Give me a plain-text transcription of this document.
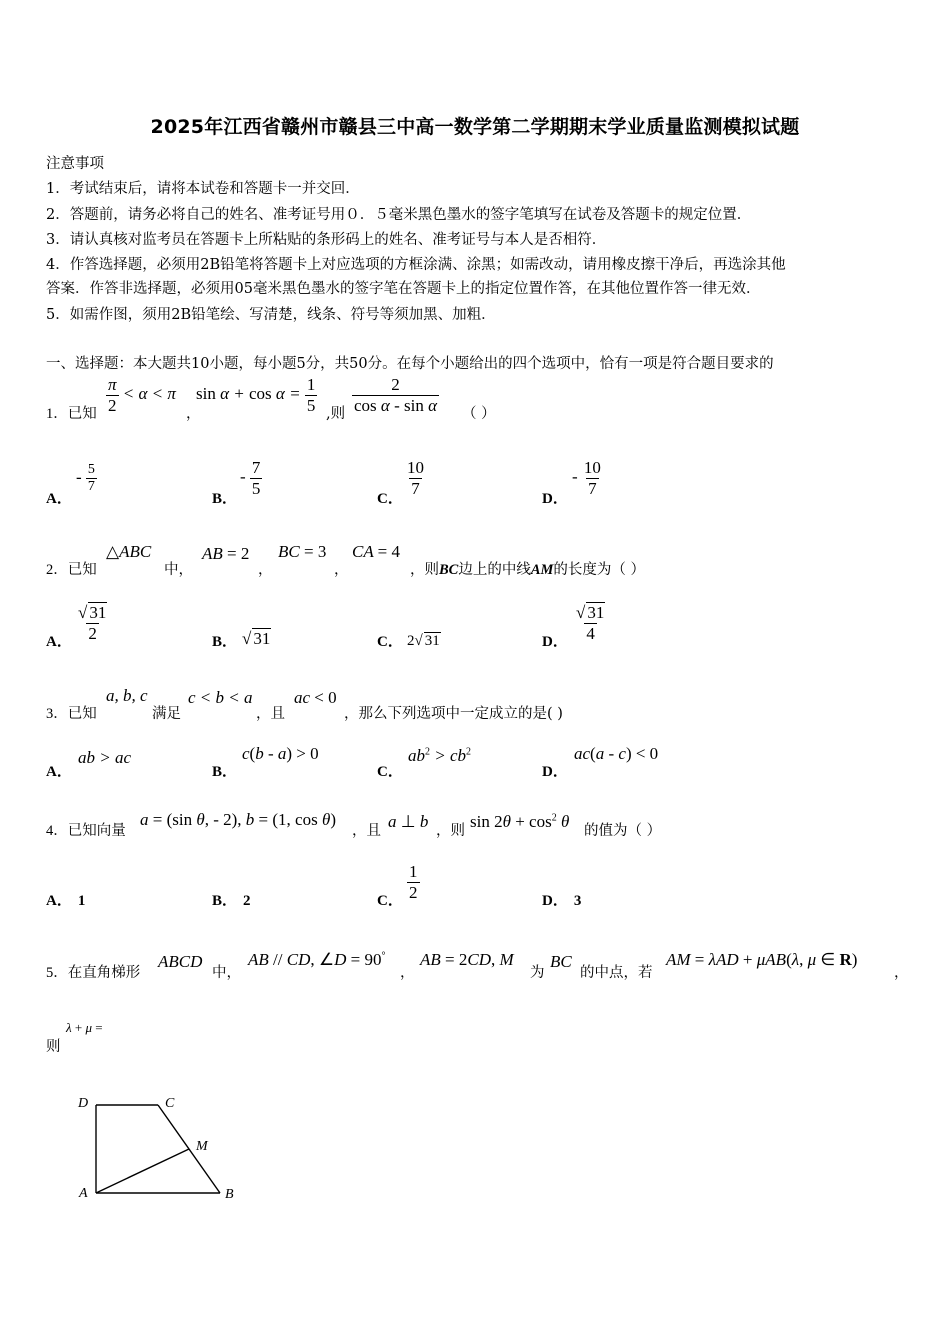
2025年江西省赣州市赣县三中高一数学第二学期期末学业质量监测模拟试题
注意事项
1．考试结束后，请将本试卷和答题卡一并交回．
2．答题前，请务必将自己的姓名、准考证号用０．５毫米黑色墨水的签字笔填写在试卷及答题卡的规定位置．
3．请认真核对监考员在答题卡上所粘贴的条形码上的姓名、准考证号与本人是否相符．
4．作答选择题，必须用2B铅笔将答题卡上对应选项的方框涂满、涂黑；如需改动，请用橡皮擦干净后，再选涂其他
答案．作答非选择题，必须用05毫米黑色墨水的签字笔在答题卡上的指定位置作答，在其他位置作答一律无效．
5．如需作图，须用2B铅笔绘、写清楚，线条、符号等须加黑、加粗．
一、选择题：本大题共10小题，每小题5分，共50分。在每个小题给出的四个选项中，恰有一项是符合题目要求的
1．已知 $\frac{\pi}{2} < \alpha < \pi$
，
$\sin \alpha + \cos \alpha = \frac{1}{5}$ ,则 $\frac{2}{\text{cos α - sin α}}$ （ ）
A．
- $\frac{5}{7}$
B．
- $\frac{7}{5}$
C．
$\frac{10}{7}$
D．
- $\frac{10}{7}$
2．已知
△ABC
中，
AB = 2
，
BC = 3
，
CA = 4
，则BC边上的中线AM的长度为（ ）
A． $\frac{√ 31}{2}$	B． √ 31	C． 2√ 31	D． $\frac{√ 31}{4}$
3．已知
a, b, c
满足
c < b < a
，且
ac < 0
，那么下列选项中一定成立的是( )
A．
ab > ac
B．
c(b - a) > 0
C．
$ab^2 > cb^2$
D．
ac(a - c) < 0
4．已知向量
a = (sin θ, - 2), b = (1, cos θ)
，且 a ⊥ b ，则 $\sin 2\theta + \cos^2 \theta$ 的值为（ ）
A． 1	B． 2	C． $\frac{1}{2}$	D． 3
5．在直角梯形
ABCD
中，
AB // CD, ∠D = 90°
，
AB = 2CD, M
为
BC
的中点，若
AM = λAD + μAB(λ, μ ∈ R)
，
则
λ + μ =
D	C
M
A	B
